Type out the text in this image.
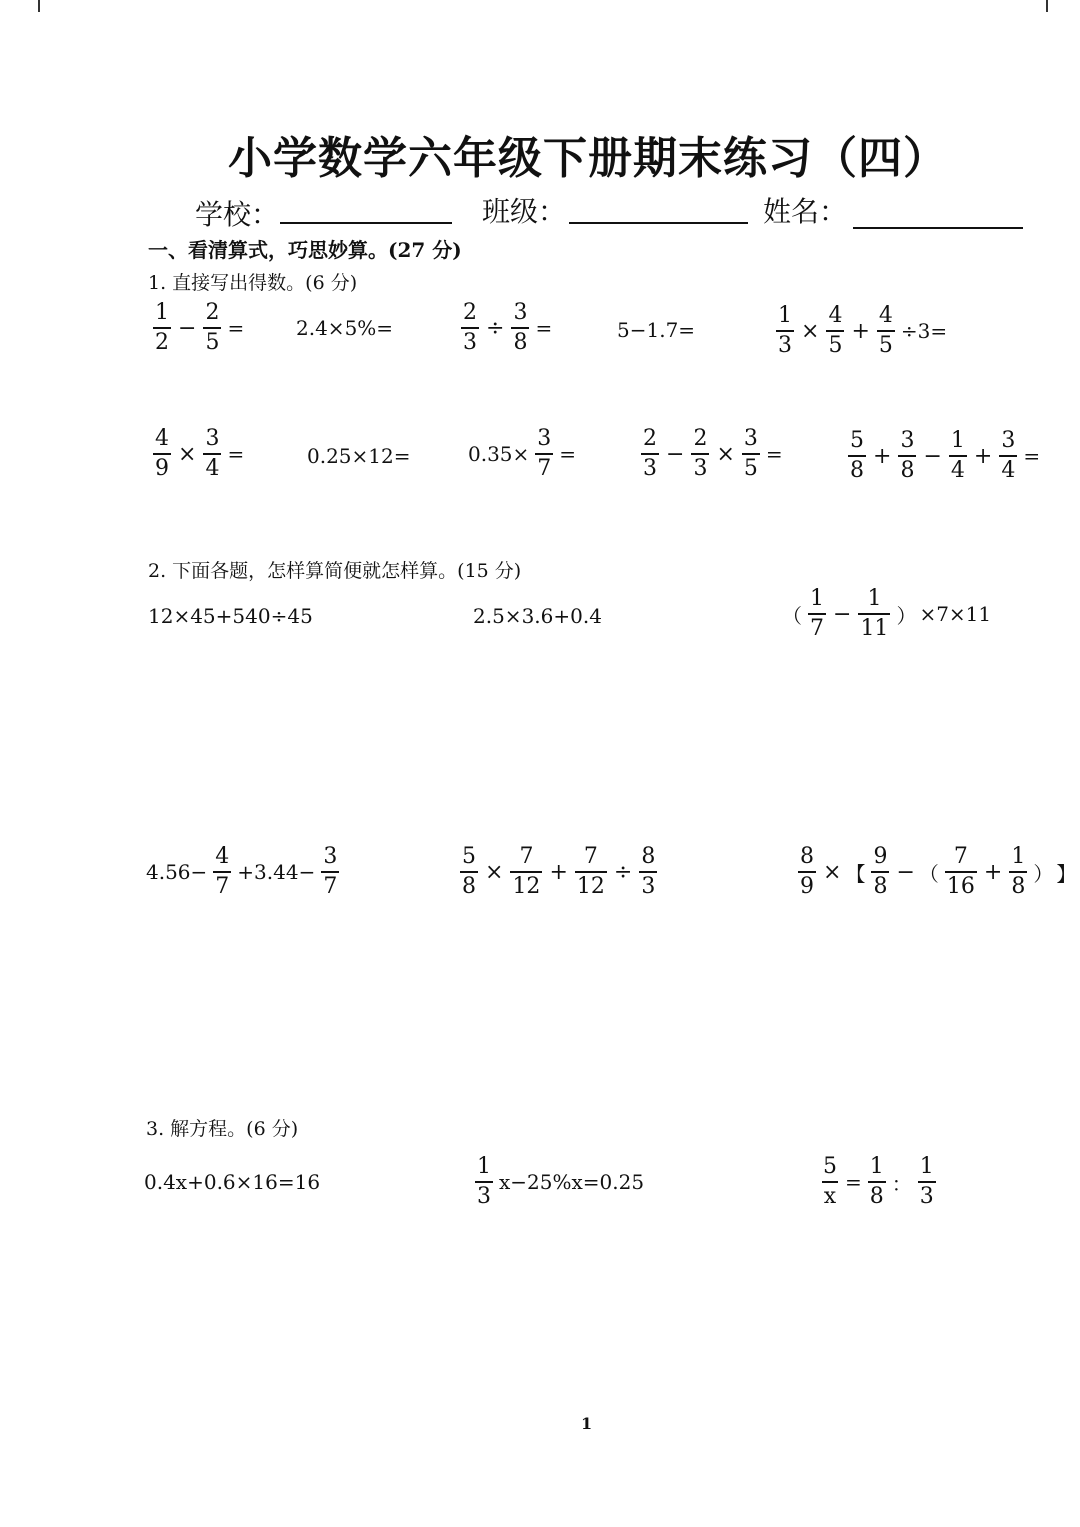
小学数学六年级下册期末练习（四）
学校：	班级：	姓名：
一、看清算式，巧思妙算。(27 分)
1. 直接写出得数。(6 分)
$\frac{1}{2} - \frac{2}{5}$ =	2.4×5%=	$\frac{2}{3} \div \frac{3}{8}$ =	5−1.7=	$\frac{1}{3} \times \frac{4}{5} + \frac{4}{5} \div 3=$
$\frac{4}{9} \times \frac{3}{4}$ =	0.25×12=	$0.35\times \frac{3}{7}$ =	$\frac{2}{3} - \frac{2}{3} \times \frac{3}{5}$ =	$\frac{5}{8} + \frac{3}{8} - \frac{1}{4} + \frac{3}{4}$ =
2. 下面各题，怎样算简便就怎样算。(15 分)
12×45+540÷45	2.5×3.6+0.4	（ $\frac{1}{7} - \frac{1}{11}$ ） ×7×11
$4.56- \frac{4}{7} +3.44- \frac{3}{7}$	$\frac{5}{8} \times \frac{7}{12} + \frac{7}{12} \div \frac{8}{3}$	$\frac{8}{9}$ × 【 $\frac{9}{8}$ − （ $\frac{7}{16} + \frac{1}{8}$ ） 】
3. 解方程。(6 分)
0.4x+0.6×16=16	$\frac{1}{3} x-25\%x=0.25$	$\frac{5}{x} = \frac{1}{8}$ ： $\frac{1}{3}$
1
